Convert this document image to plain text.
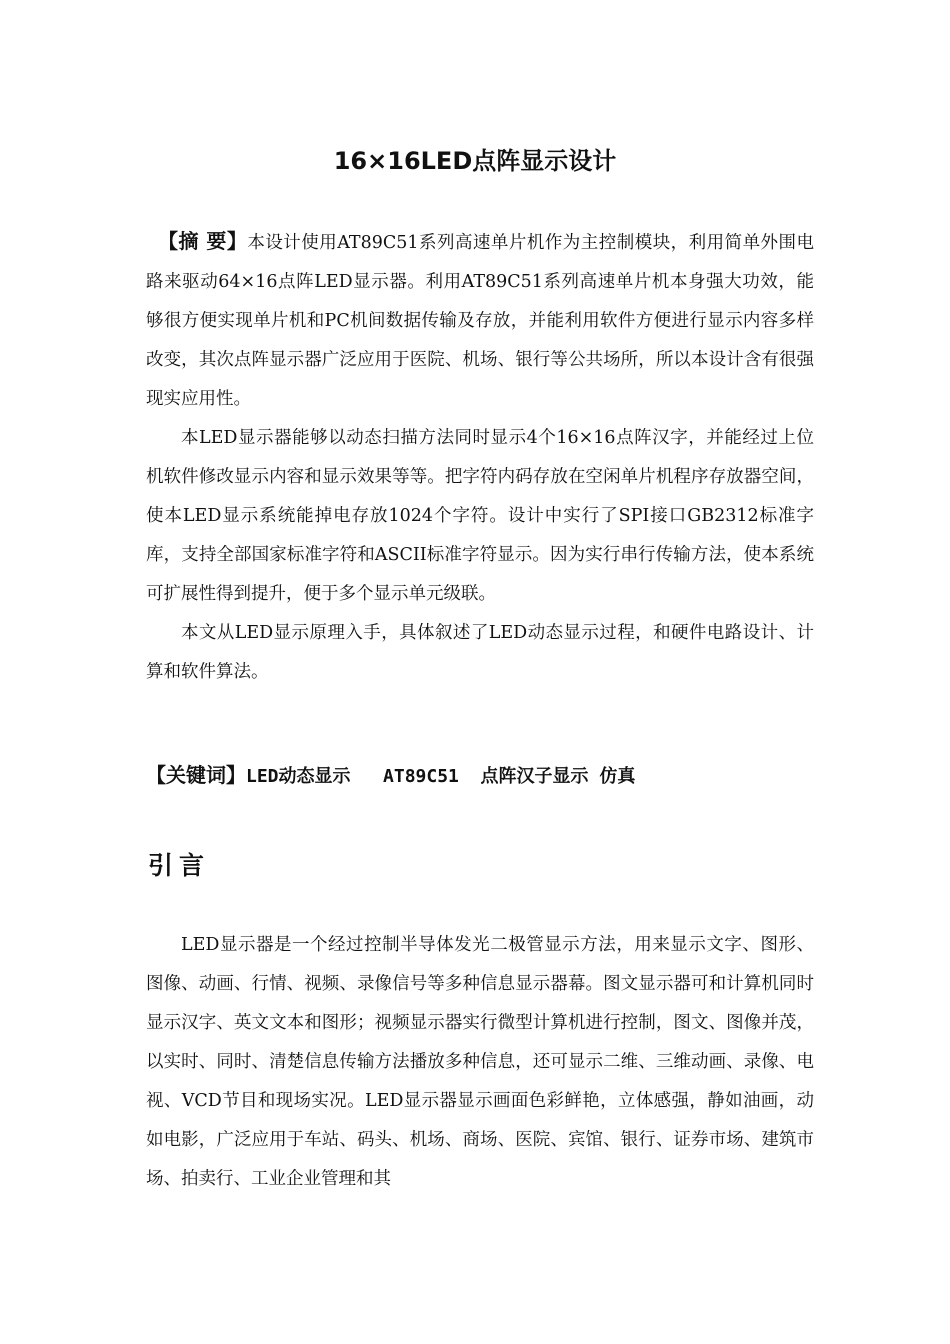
16×16LED点阵显示设计

【摘 要】本设计使用AT89C51系列高速单片机作为主控制模块，利用简单外围电路来驱动64×16点阵LED显示器。利用AT89C51系列高速单片机本身强大功效，能够很方便实现单片机和PC机间数据传输及存放，并能利用软件方便进行显示内容多样改变，其次点阵显示器广泛应用于医院、机场、银行等公共场所，所以本设计含有很强现实应用性。

本LED显示器能够以动态扫描方法同时显示4个16×16点阵汉字，并能经过上位机软件修改显示内容和显示效果等等。把字符内码存放在空闲单片机程序存放器空间，使本LED显示系统能掉电存放1024个字符。设计中实行了SPI接口GB2312标准字库，支持全部国家标准字符和ASCII标准字符显示。因为实行串行传输方法，使本系统可扩展性得到提升，便于多个显示单元级联。

本文从LED显示原理入手，具体叙述了LED动态显示过程，和硬件电路设计、计算和软件算法。

【关键词】LED动态显示   AT89C51  点阵汉子显示 仿真
引言

LED显示器是一个经过控制半导体发光二极管显示方法，用来显示文字、图形、图像、动画、行情、视频、录像信号等多种信息显示器幕。图文显示器可和计算机同时显示汉字、英文文本和图形；视频显示器实行微型计算机进行控制，图文、图像并茂，以实时、同时、清楚信息传输方法播放多种信息，还可显示二维、三维动画、录像、电视、VCD节目和现场实况。LED显示器显示画面色彩鲜艳，立体感强，静如油画，动如电影，广泛应用于车站、码头、机场、商场、医院、宾馆、银行、证券市场、建筑市场、拍卖行、工业企业管理和其
